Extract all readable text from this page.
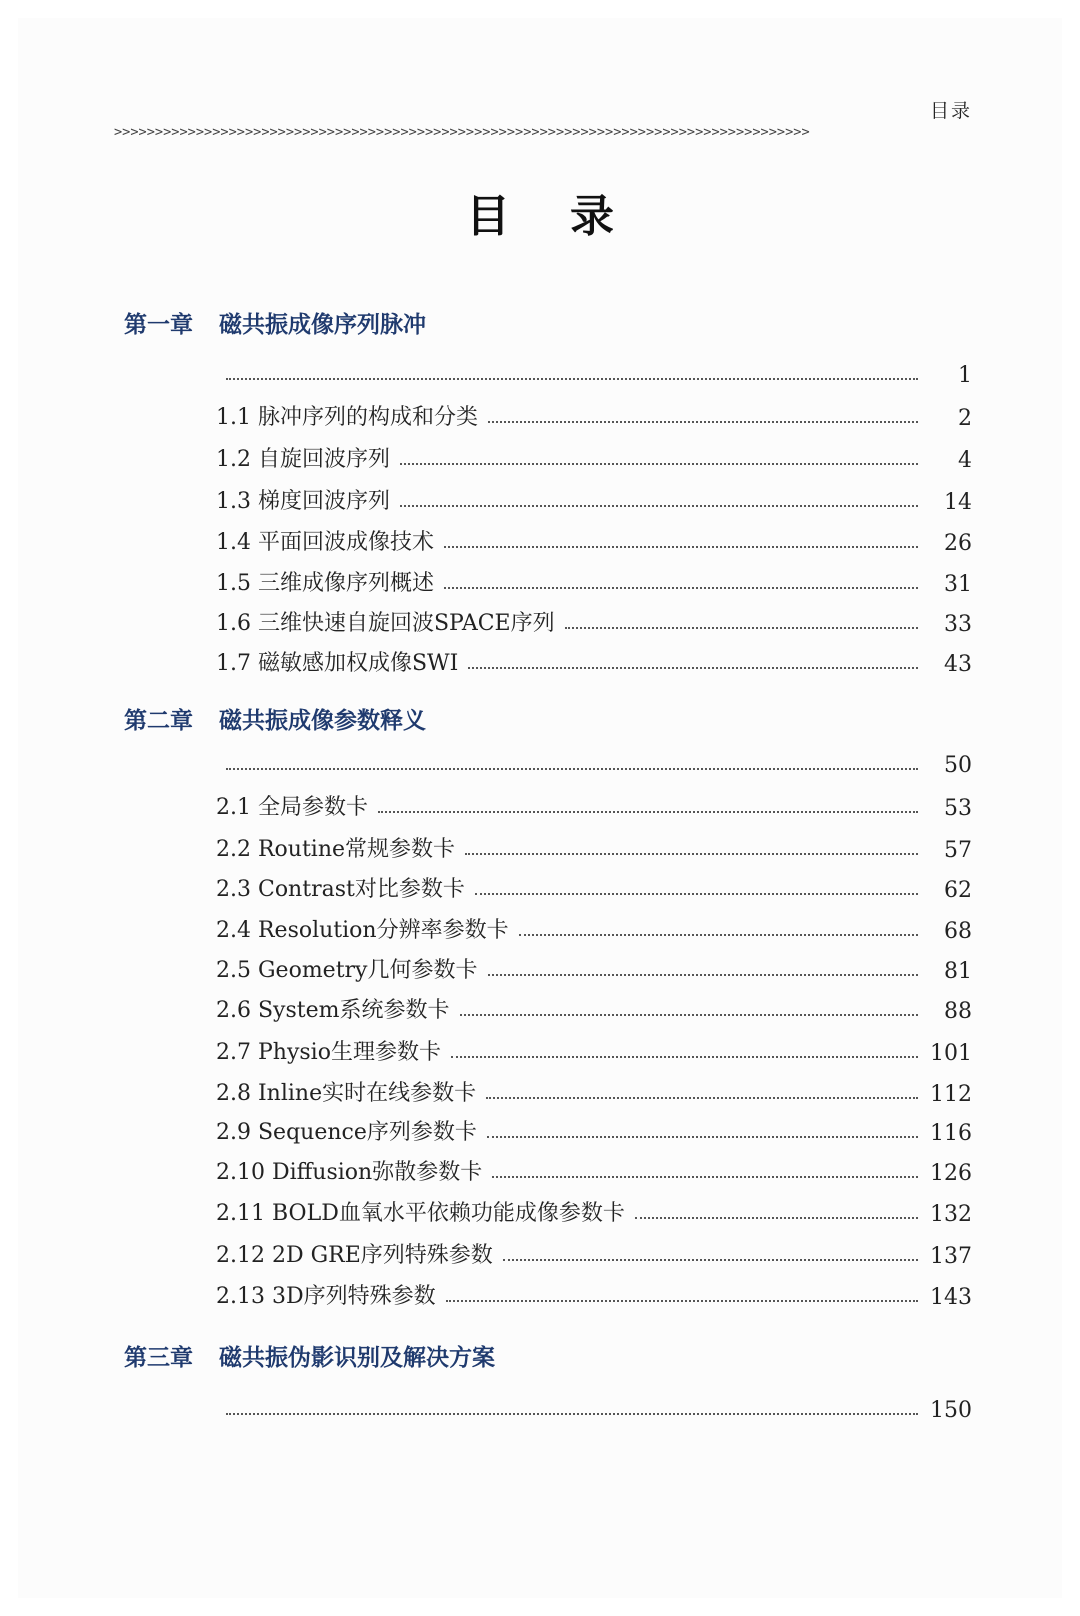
目录
>>>>>>>>>>>>>>>>>>>>>>>>>>>>>>>>>>>>>>>>>>>>>>>>>>>>>>>>>>>>>>>>>>>>>>>>>>>>>>>>>>>>>
目录
第一章 磁共振成像序列脉冲
1
1.1 脉冲序列的构成和分类	2
1.2 自旋回波序列	4
1.3 梯度回波序列	14
1.4 平面回波成像技术	26
1.5 三维成像序列概述	31
1.6 三维快速自旋回波SPACE序列	33
1.7 磁敏感加权成像SWI	43
第二章 磁共振成像参数释义
50
2.1 全局参数卡	53
2.2 Routine常规参数卡	57
2.3 Contrast对比参数卡	62
2.4 Resolution分辨率参数卡	68
2.5 Geometry几何参数卡	81
2.6 System系统参数卡	88
2.7 Physio生理参数卡	101
2.8 Inline实时在线参数卡	112
2.9 Sequence序列参数卡	116
2.10 Diffusion弥散参数卡	126
2.11 BOLD血氧水平依赖功能成像参数卡	132
2.12 2D GRE序列特殊参数	137
2.13 3D序列特殊参数	143
第三章 磁共振伪影识别及解决方案
150
